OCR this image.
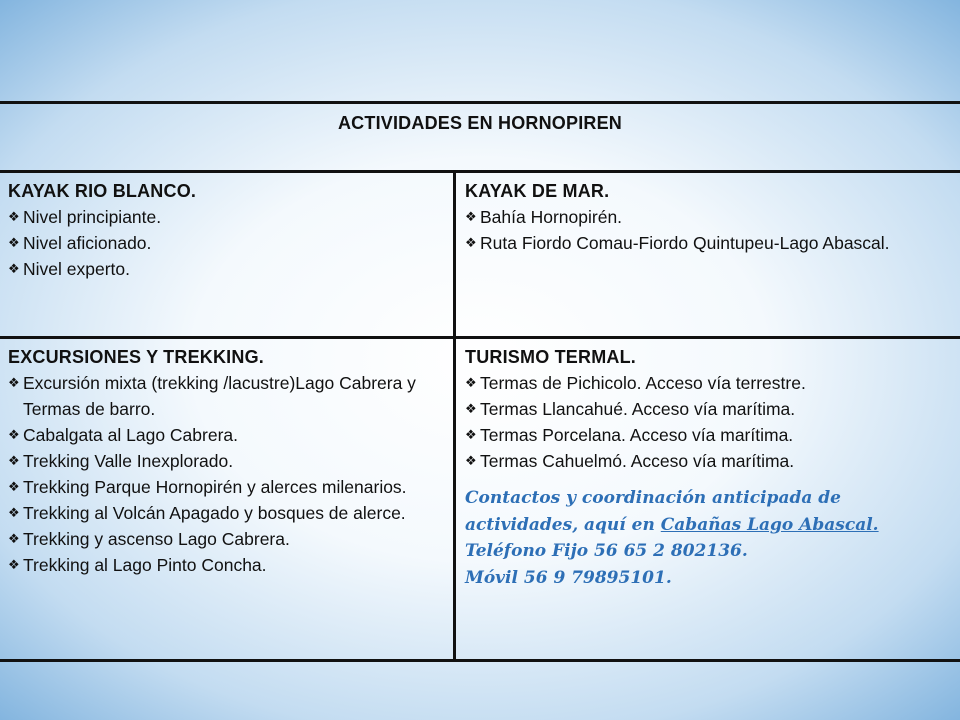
ACTIVIDADES EN HORNOPIREN
KAYAK RIO BLANCO.
❖ Nivel principiante.
❖ Nivel aficionado.
❖ Nivel experto.
KAYAK DE MAR.
❖ Bahía Hornopirén.
❖ Ruta Fiordo Comau-Fiordo Quintupeu-Lago Abascal.
EXCURSIONES Y TREKKING.
❖ Excursión mixta (trekking /lacustre)Lago Cabrera y Termas de barro.
❖ Cabalgata al Lago Cabrera.
❖ Trekking Valle Inexplorado.
❖ Trekking Parque Hornopirén y alerces milenarios.
❖ Trekking al Volcán Apagado y bosques de alerce.
❖ Trekking y ascenso Lago Cabrera.
❖ Trekking al Lago Pinto Concha.
TURISMO TERMAL.
❖ Termas de Pichicolo. Acceso vía terrestre.
❖ Termas Llancahué. Acceso vía marítima.
❖ Termas Porcelana. Acceso vía marítima.
❖ Termas Cahuelmó. Acceso vía marítima.
Contactos y coordinación anticipada de actividades, aquí en Cabañas Lago Abascal.
Teléfono Fijo 56 65 2 802136.
Móvil 56 9 79895101.
